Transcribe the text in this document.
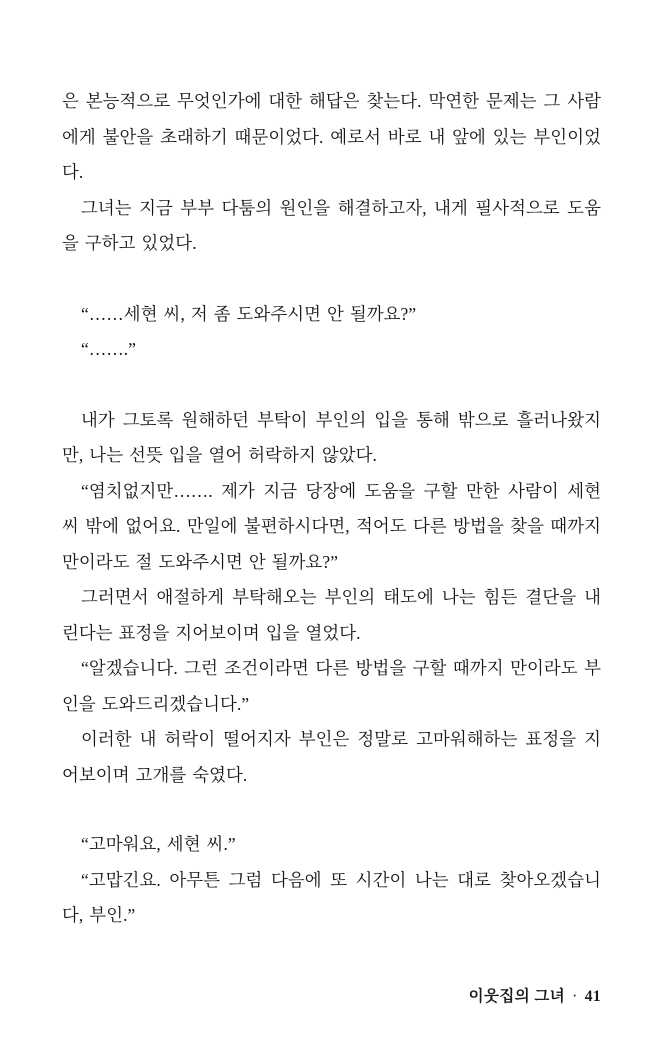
은 본능적으로 무엇인가에 대한 해답은 찾는다. 막연한 문제는 그 사람에게 불안을 초래하기 때문이었다. 예로서 바로 내 앞에 있는 부인이었다.

그녀는 지금 부부 다툼의 원인을 해결하고자, 내게 필사적으로 도움을 구하고 있었다.

“……세현 씨, 저 좀 도와주시면 안 될까요?”

“…….”

내가 그토록 원해하던 부탁이 부인의 입을 통해 밖으로 흘러나왔지만, 나는 선뜻 입을 열어 허락하지 않았다.

“염치없지만……. 제가 지금 당장에 도움을 구할 만한 사람이 세현 씨 밖에 없어요. 만일에 불편하시다면, 적어도 다른 방법을 찾을 때까지만이라도 절 도와주시면 안 될까요?”

그러면서 애절하게 부탁해오는 부인의 태도에 나는 힘든 결단을 내린다는 표정을 지어보이며 입을 열었다.

“알겠습니다. 그런 조건이라면 다른 방법을 구할 때까지 만이라도 부인을 도와드리겠습니다.”

이러한 내 허락이 떨어지자 부인은 정말로 고마워해하는 표정을 지어보이며 고개를 숙였다.

“고마워요, 세현 씨.”

“고맙긴요. 아무튼 그럼 다음에 또 시간이 나는 대로 찾아오겠습니다, 부인.”

이웃집의 그녀 · 41
